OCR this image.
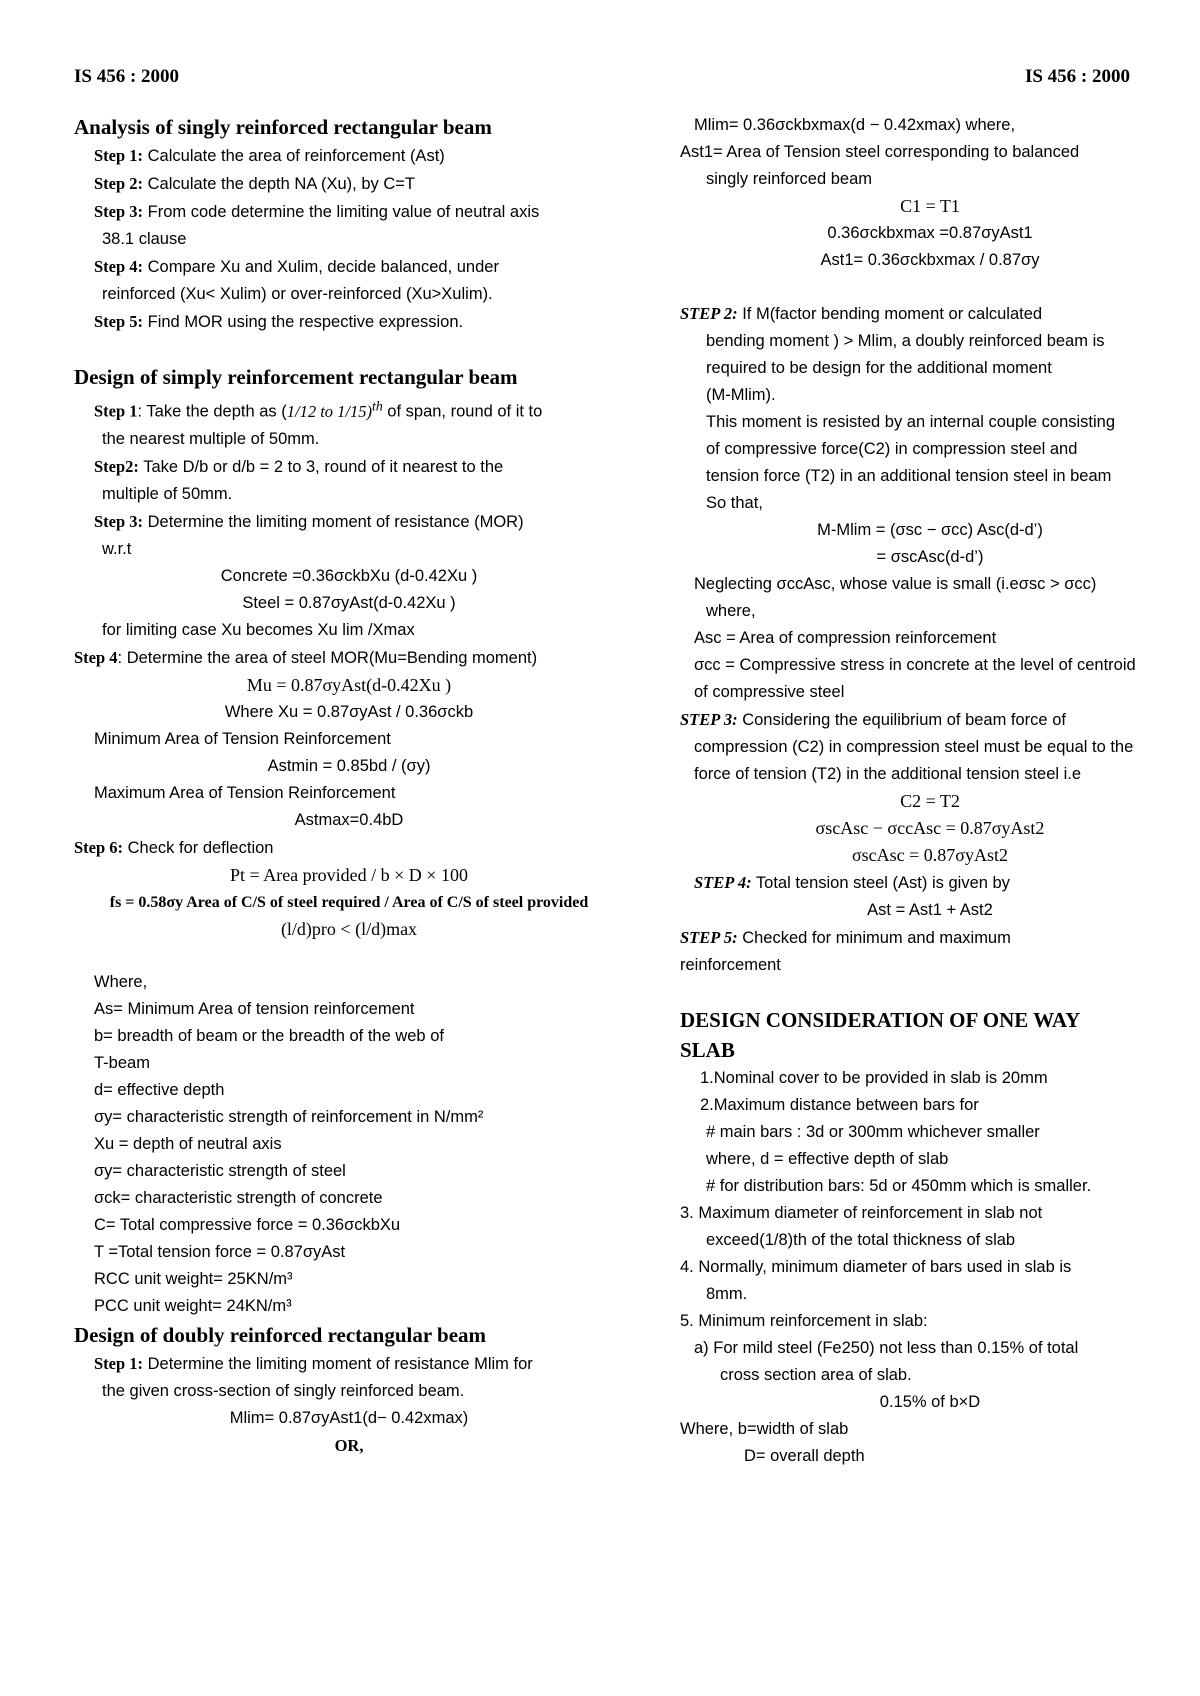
IS 456 : 2000	IS 456 : 2000
Analysis of singly reinforced rectangular beam
Step 1: Calculate the area of reinforcement (Ast)
Step 2: Calculate the depth NA (Xu), by C=T
Step 3: From code determine the limiting value of neutral axis
38.1 clause
Step 4: Compare Xu and Xulim, decide balanced, under
reinforced (Xu< Xulim) or over-reinforced (Xu>Xulim).
Step 5: Find MOR using the respective expression.
Design of simply reinforcement rectangular beam
Step 1: Take the depth as (1/12 to 1/15)$^{th}$ of span, round of it to
the nearest multiple of 50mm.
Step2: Take D/b or d/b = 2 to 3, round of it nearest to the
multiple of 50mm.
Step 3: Determine the limiting moment of resistance (MOR)
w.r.t
Concrete =0.36σckbXu (d-0.42Xu )
Steel = 0.87σyAst(d-0.42Xu )
for limiting case Xu becomes Xu lim /Xmax
Step 4: Determine the area of steel MOR(Mu=Bending moment)
Mu = 0.87σyAst(d-0.42Xu )
Where Xu = 0.87σyAst / 0.36σckb
Minimum Area of Tension Reinforcement
Astmin = 0.85bd / (σy)
Maximum Area of Tension Reinforcement
Astmax=0.4bD
Step 6: Check for deflection
Pt = Area provided / b × D × 100
fs = 0.58σy Area of C/S of steel required / Area of C/S of steel provided
(l/d)pro < (l/d)max
Where,
As= Minimum Area of tension reinforcement
b= breadth of beam or the breadth of the web of
T-beam
d= effective depth
σy= characteristic strength of reinforcement in N/mm²
Xu = depth of neutral axis
σy= characteristic strength of steel
σck= characteristic strength of concrete
C= Total compressive force = 0.36σckbXu
T =Total tension force = 0.87σyAst
RCC unit weight= 25KN/m³
PCC unit weight= 24KN/m³
Design of doubly reinforced rectangular beam
Step 1: Determine the limiting moment of resistance Mlim for
the given cross-section of singly reinforced beam.
Mlim= 0.87σyAst1(d− 0.42xmax)
OR,
Mlim= 0.36σckbxmax(d − 0.42xmax) where,
Ast1= Area of Tension steel corresponding to balanced
singly reinforced beam
C1 = T1
0.36σckbxmax =0.87σyAst1
Ast1= 0.36σckbxmax / 0.87σy
STEP 2: If M(factor bending moment or calculated
bending moment ) > Mlim, a doubly reinforced beam is
required to be design for the additional moment
(M-Mlim).
This moment is resisted by an internal couple consisting
of compressive force(C2) in compression steel and
tension force (T2) in an additional tension steel in beam
So that,
M-Mlim = (σsc − σcc) Asc(d-d’)
= σscAsc(d-d’)
Neglecting σccAsc, whose value is small (i.eσsc > σcc)
where,
Asc = Area of compression reinforcement
σcc = Compressive stress in concrete at the level of centroid
of compressive steel
STEP 3: Considering the equilibrium of beam force of
compression (C2) in compression steel must be equal to the
force of tension (T2) in the additional tension steel i.e
C2 = T2
σscAsc − σccAsc = 0.87σyAst2
σscAsc = 0.87σyAst2
STEP 4: Total tension steel (Ast) is given by
Ast = Ast1 + Ast2
STEP 5: Checked for minimum and maximum
reinforcement
DESIGN CONSIDERATION OF ONE WAY
SLAB
1.Nominal cover to be provided in slab is 20mm
2.Maximum distance between bars for
# main bars : 3d or 300mm whichever smaller
where, d = effective depth of slab
# for distribution bars: 5d or 450mm which is smaller.
3. Maximum diameter of reinforcement in slab not
exceed(1/8)th of the total thickness of slab
4. Normally, minimum diameter of bars used in slab is
8mm.
5. Minimum reinforcement in slab:
a) For mild steel (Fe250) not less than 0.15% of total
cross section area of slab.
0.15% of b×D
Where, b=width of slab
D= overall depth
